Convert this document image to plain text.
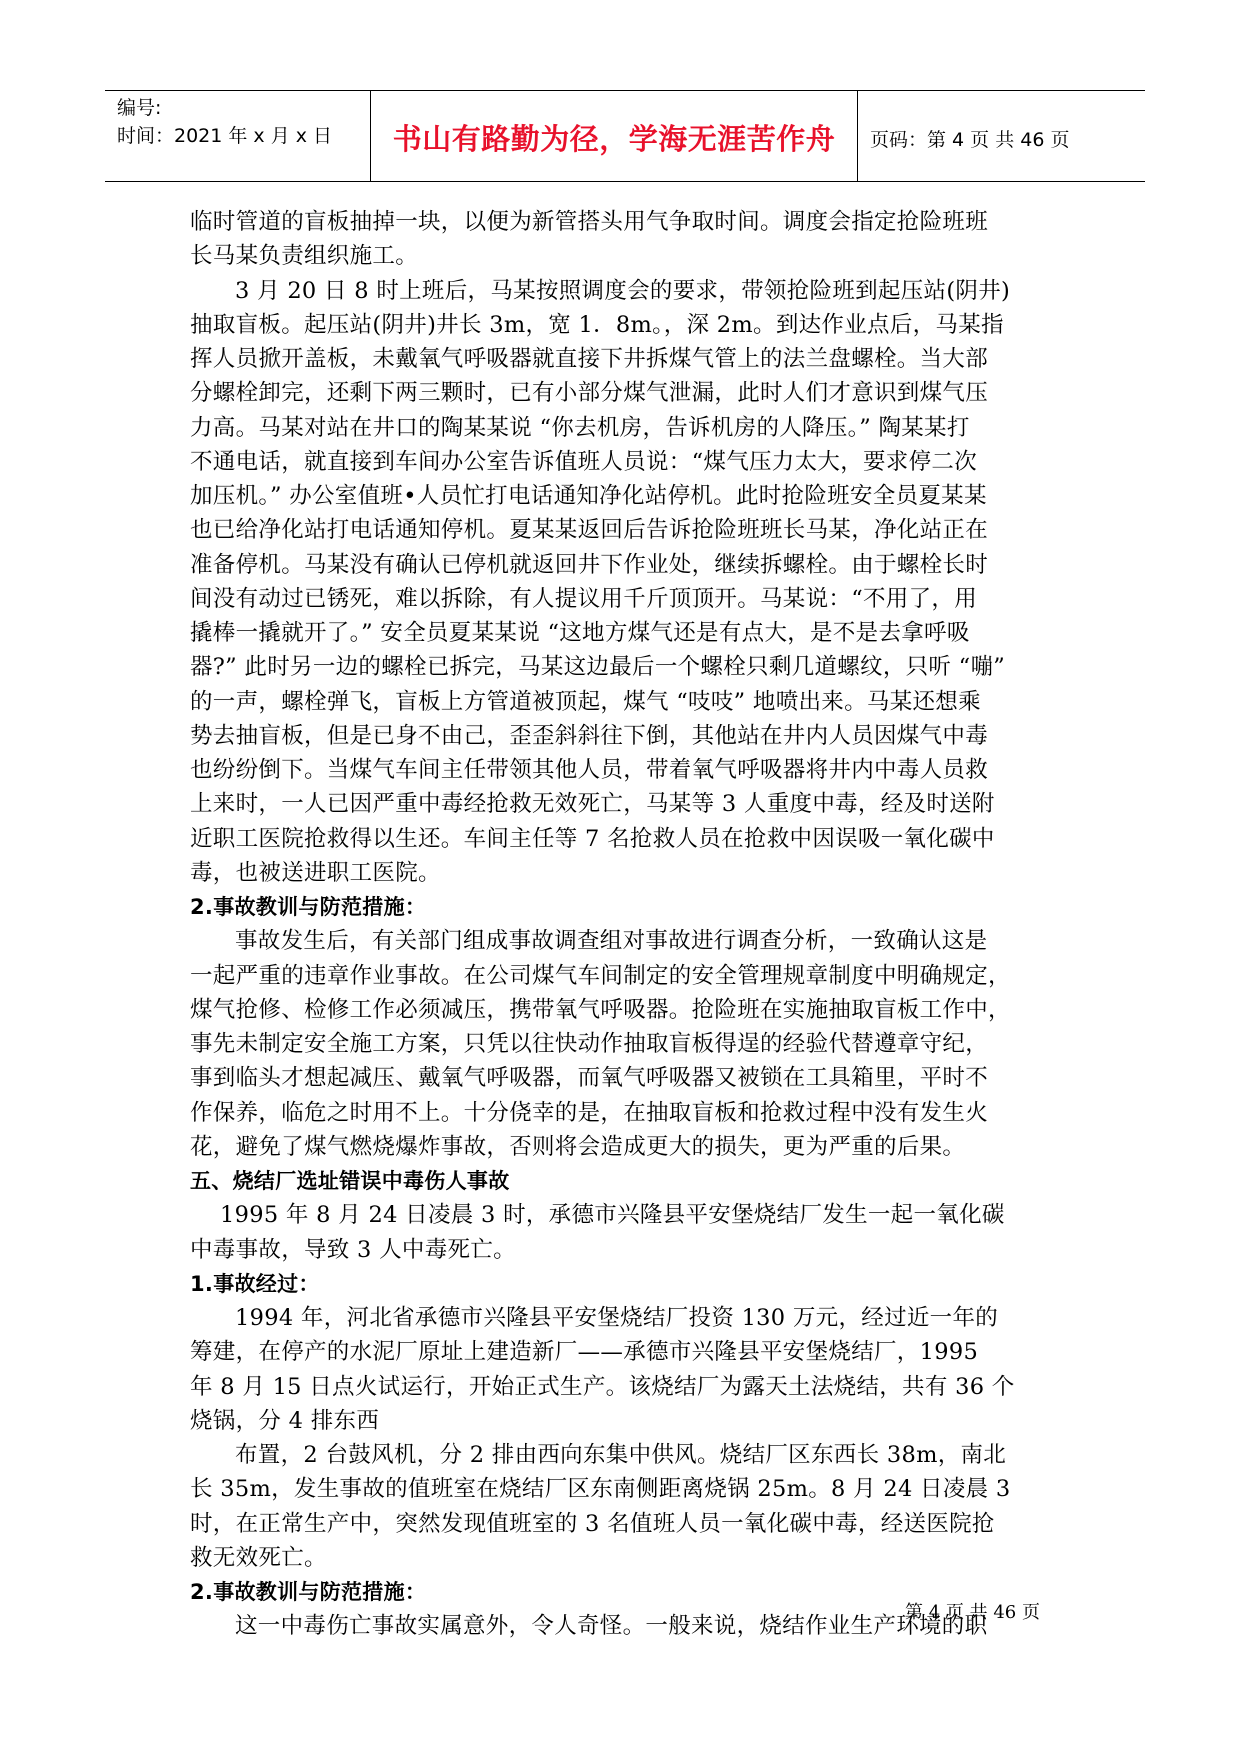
编号:
时间：2021 年 x 月 x 日	书山有路勤为径，学海无涯苦作舟	页码：第 4 页 共 46 页
临时管道的盲板抽掉一块，以便为新管搭头用气争取时间。调度会指定抢险班班
长马某负责组织施工。
3 月 20 日 8 时上班后，马某按照调度会的要求，带领抢险班到起压站(阴井)
抽取盲板。起压站(阴井)井长 3m，宽 1．8m。，深 2m。到达作业点后，马某指
挥人员掀开盖板，未戴氧气呼吸器就直接下井拆煤气管上的法兰盘螺栓。当大部
分螺栓卸完，还剩下两三颗时，已有小部分煤气泄漏，此时人们才意识到煤气压
力高。马某对站在井口的陶某某说 “你去机房，告诉机房的人降压。” 陶某某打
不通电话，就直接到车间办公室告诉值班人员说：“煤气压力太大，要求停二次
加压机。” 办公室值班•人员忙打电话通知净化站停机。此时抢险班安全员夏某某
也已给净化站打电话通知停机。夏某某返回后告诉抢险班班长马某，净化站正在
准备停机。马某没有确认已停机就返回井下作业处，继续拆螺栓。由于螺栓长时
间没有动过已锈死，难以拆除，有人提议用千斤顶顶开。马某说：“不用了，用
撬棒一撬就开了。” 安全员夏某某说 “这地方煤气还是有点大，是不是去拿呼吸
器?” 此时另一边的螺栓已拆完，马某这边最后一个螺栓只剩几道螺纹，只听 “嘣”
的一声，螺栓弹飞，盲板上方管道被顶起，煤气 “吱吱” 地喷出来。马某还想乘
势去抽盲板，但是已身不由己，歪歪斜斜往下倒，其他站在井内人员因煤气中毒
也纷纷倒下。当煤气车间主任带领其他人员，带着氧气呼吸器将井内中毒人员救
上来时，一人已因严重中毒经抢救无效死亡，马某等 3 人重度中毒，经及时送附
近职工医院抢救得以生还。车间主任等 7 名抢救人员在抢救中因误吸一氧化碳中
毒，也被送进职工医院。
2.事故教训与防范措施：
事故发生后，有关部门组成事故调查组对事故进行调查分析，一致确认这是
一起严重的违章作业事故。在公司煤气车间制定的安全管理规章制度中明确规定，
煤气抢修、检修工作必须减压，携带氧气呼吸器。抢险班在实施抽取盲板工作中，
事先未制定安全施工方案，只凭以往快动作抽取盲板得逞的经验代替遵章守纪，
事到临头才想起减压、戴氧气呼吸器，而氧气呼吸器又被锁在工具箱里，平时不
作保养，临危之时用不上。十分侥幸的是，在抽取盲板和抢救过程中没有发生火
花，避免了煤气燃烧爆炸事故，否则将会造成更大的损失，更为严重的后果。
五、烧结厂选址错误中毒伤人事故
1995 年 8 月 24 日凌晨 3 时，承德市兴隆县平安堡烧结厂发生一起一氧化碳
中毒事故，导致 3 人中毒死亡。
1.事故经过：
1994 年，河北省承德市兴隆县平安堡烧结厂投资 130 万元，经过近一年的
筹建，在停产的水泥厂原址上建造新厂——承德市兴隆县平安堡烧结厂，1995
年 8 月 15 日点火试运行，开始正式生产。该烧结厂为露天土法烧结，共有 36 个
烧锅，分 4 排东西
布置，2 台鼓风机，分 2 排由西向东集中供风。烧结厂区东西长 38m，南北
长 35m，发生事故的值班室在烧结厂区东南侧距离烧锅 25m。8 月 24 日凌晨 3
时，在正常生产中，突然发现值班室的 3 名值班人员一氧化碳中毒，经送医院抢
救无效死亡。
2.事故教训与防范措施：
这一中毒伤亡事故实属意外，令人奇怪。一般来说，烧结作业生产环境的职
第 4 页 共 46 页
